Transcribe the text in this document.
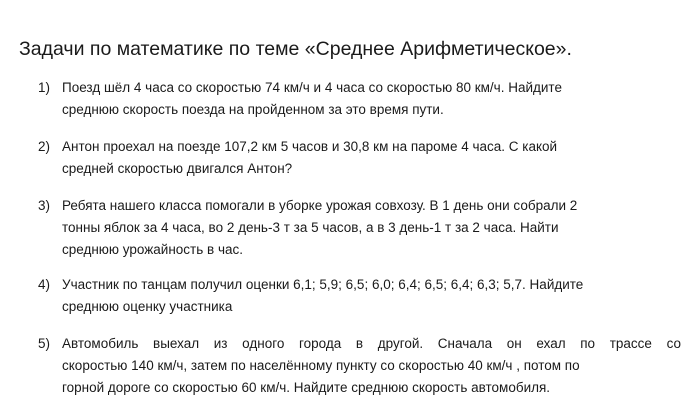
Задачи по математике по теме «Среднее Арифметическое».
1) Поезд шёл 4 часа со скоростью 74 км/ч и 4 часа со скоростью 80 км/ч. Найдите
среднюю скорость поезда на пройденном за это время пути.
2) Антон проехал на поезде 107,2 км 5 часов и 30,8 км на пароме 4 часа. С какой
средней скоростью двигался Антон?
3) Ребята нашего класса помогали в уборке урожая совхозу. В 1 день они собрали 2
тонны яблок за 4 часа, во 2 день-3 т за 5 часов, а в 3 день-1 т за 2 часа. Найти
среднюю урожайность в час.
4) Участник по танцам получил оценки 6,1; 5,9; 6,5; 6,0; 6,4; 6,5; 6,4; 6,3; 5,7. Найдите
среднюю оценку участника
5) Автомобиль выехал из одного города в другой. Сначала он ехал по трассе со
скоростью 140 км/ч, затем по населённому пункту со скоростью 40 км/ч , потом по
горной дороге со скоростью 60 км/ч. Найдите среднюю скорость автомобиля.
